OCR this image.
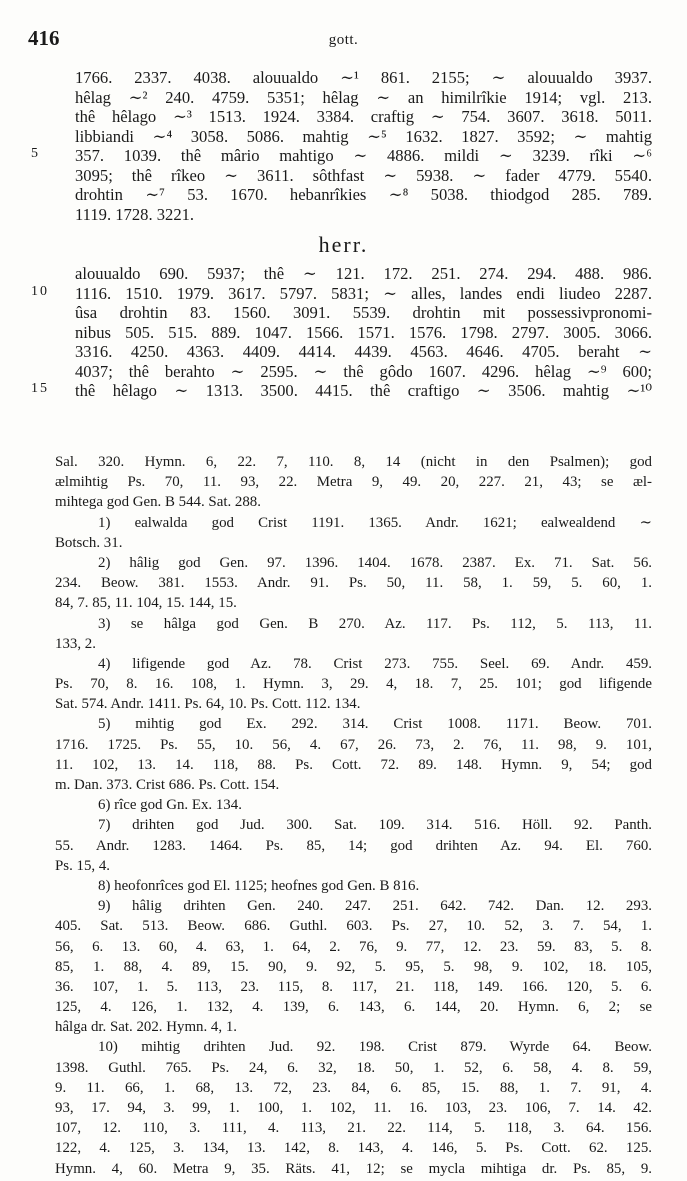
416	gott.
1766. 2337. 4038. alouualdo ∼¹ 861. 2155; ∼ alouualdo 3937.
hêlag ∼² 240. 4759. 5351; hêlag ∼ an himilrîkie 1914; vgl. 213.
thê hêlago ∼³ 1513. 1924. 3384. craftig ∼ 754. 3607. 3618. 5011.
libbiandi ∼⁴ 3058. 5086. mahtig ∼⁵ 1632. 1827. 3592; ∼ mahtig
5 357. 1039. thê mârio mahtigo ∼ 4886. mildi ∼ 3239. rîki ∼⁶
3095; thê rîkeo ∼ 3611. sôthfast ∼ 5938. ∼ fader 4779. 5540.
drohtin ∼⁷ 53. 1670. hebanrîkies ∼⁸ 5038. thiodgod 285. 789.
1119. 1728. 3221.
herr.
alouualdo 690. 5937; thê ∼ 121. 172. 251. 274. 294. 488. 986.
10 1116. 1510. 1979. 3617. 5797. 5831; ∼ alles, landes endi liudeo 2287.
ûsa drohtin 83. 1560. 3091. 5539. drohtin mit possessivpronomi-
nibus 505. 515. 889. 1047. 1566. 1571. 1576. 1798. 2797. 3005. 3066.
3316. 4250. 4363. 4409. 4414. 4439. 4563. 4646. 4705. beraht ∼
4037; thê berahto ∼ 2595. ∼ thê gôdo 1607. 4296. hêlag ∼⁹ 600;
15 thê hêlago ∼ 1313. 3500. 4415. thê craftigo ∼ 3506. mahtig ∼¹⁰
Sal. 320. Hymn. 6, 22. 7, 110. 8, 14 (nicht in den Psalmen); god
ælmihtig Ps. 70, 11. 93, 22. Metra 9, 49. 20, 227. 21, 43; se æl-
mihtega god Gen. B 544. Sat. 288.
1) ealwalda god Crist 1191. 1365. Andr. 1621; ealwealdend ∼
Botsch. 31.
2) hâlig god Gen. 97. 1396. 1404. 1678. 2387. Ex. 71. Sat. 56.
234. Beow. 381. 1553. Andr. 91. Ps. 50, 11. 58, 1. 59, 5. 60, 1.
84, 7. 85, 11. 104, 15. 144, 15.
3) se hâlga god Gen. B 270. Az. 117. Ps. 112, 5. 113, 11.
133, 2.
4) lifigende god Az. 78. Crist 273. 755. Seel. 69. Andr. 459.
Ps. 70, 8. 16. 108, 1. Hymn. 3, 29. 4, 18. 7, 25. 101; god lifigende
Sat. 574. Andr. 1411. Ps. 64, 10. Ps. Cott. 112. 134.
5) mihtig god Ex. 292. 314. Crist 1008. 1171. Beow. 701.
1716. 1725. Ps. 55, 10. 56, 4. 67, 26. 73, 2. 76, 11. 98, 9. 101,
11. 102, 13. 14. 118, 88. Ps. Cott. 72. 89. 148. Hymn. 9, 54; god
m. Dan. 373. Crist 686. Ps. Cott. 154.
6) rîce god Gn. Ex. 134.
7) drihten god Jud. 300. Sat. 109. 314. 516. Höll. 92. Panth.
55. Andr. 1283. 1464. Ps. 85, 14; god drihten Az. 94. El. 760.
Ps. 15, 4.
8) heofonrîces god El. 1125; heofnes god Gen. B 816.
9) hâlig drihten Gen. 240. 247. 251. 642. 742. Dan. 12. 293.
405. Sat. 513. Beow. 686. Guthl. 603. Ps. 27, 10. 52, 3. 7. 54, 1.
56, 6. 13. 60, 4. 63, 1. 64, 2. 76, 9. 77, 12. 23. 59. 83, 5. 8.
85, 1. 88, 4. 89, 15. 90, 9. 92, 5. 95, 5. 98, 9. 102, 18. 105,
36. 107, 1. 5. 113, 23. 115, 8. 117, 21. 118, 149. 166. 120, 5. 6.
125, 4. 126, 1. 132, 4. 139, 6. 143, 6. 144, 20. Hymn. 6, 2; se
hâlga dr. Sat. 202. Hymn. 4, 1.
10) mihtig drihten Jud. 92. 198. Crist 879. Wyrde 64. Beow.
1398. Guthl. 765. Ps. 24, 6. 32, 18. 50, 1. 52, 6. 58, 4. 8. 59,
9. 11. 66, 1. 68, 13. 72, 23. 84, 6. 85, 15. 88, 1. 7. 91, 4.
93, 17. 94, 3. 99, 1. 100, 1. 102, 11. 16. 103, 23. 106, 7. 14. 42.
107, 12. 110, 3. 111, 4. 113, 21. 22. 114, 5. 118, 3. 64. 156.
122, 4. 125, 3. 134, 13. 142, 8. 143, 4. 146, 5. Ps. Cott. 62. 125.
Hymn. 4, 60. Metra 9, 35. Räts. 41, 12; se mycla mihtiga dr. Ps. 85, 9.
